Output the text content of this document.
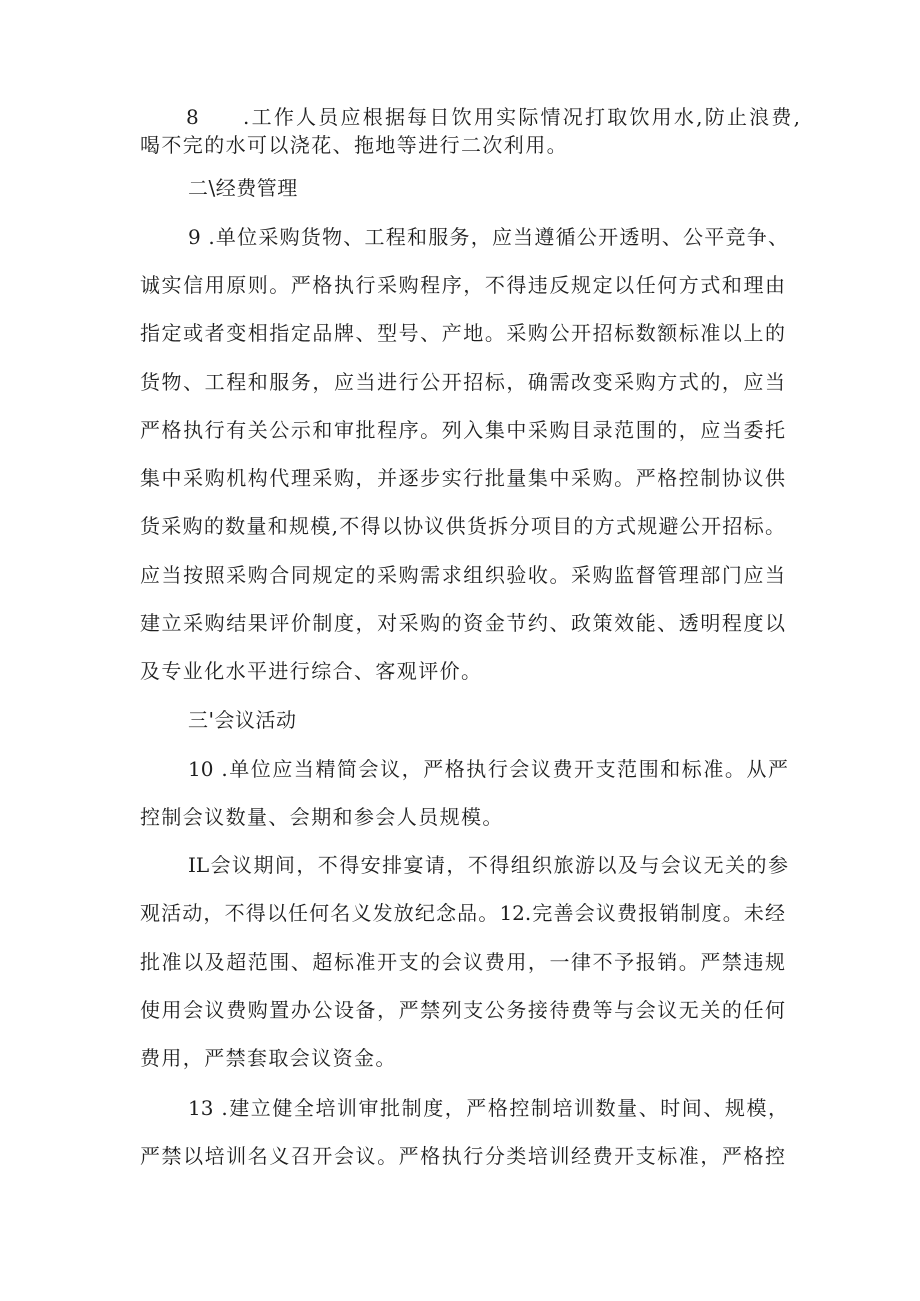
8 .工作人员应根据每日饮用实际情况打取饮用水,防止浪费,
喝不完的水可以浇花、拖地等进行二次利用。
二\经费管理
9 .单位采购货物、工程和服务，应当遵循公开透明、公平竞争、
诚实信用原则。严格执行采购程序，不得违反规定以任何方式和理由
指定或者变相指定品牌、型号、产地。采购公开招标数额标准以上的
货物、工程和服务，应当进行公开招标，确需改变采购方式的，应当
严格执行有关公示和审批程序。列入集中采购目录范围的，应当委托
集中采购机构代理采购，并逐步实行批量集中采购。严格控制协议供
货采购的数量和规模,不得以协议供货拆分项目的方式规避公开招标。
应当按照采购合同规定的采购需求组织验收。采购监督管理部门应当
建立采购结果评价制度，对采购的资金节约、政策效能、透明程度以
及专业化水平进行综合、客观评价。
三'会议活动
10 .单位应当精简会议，严格执行会议费开支范围和标准。从严
控制会议数量、会期和参会人员规模。
IL会议期间，不得安排宴请，不得组织旅游以及与会议无关的参
观活动，不得以任何名义发放纪念品。12.完善会议费报销制度。未经
批准以及超范围、超标准开支的会议费用，一律不予报销。严禁违规
使用会议费购置办公设备，严禁列支公务接待费等与会议无关的任何
费用，严禁套取会议资金。
13 .建立健全培训审批制度，严格控制培训数量、时间、规模，
严禁以培训名义召开会议。严格执行分类培训经费开支标准，严格控
